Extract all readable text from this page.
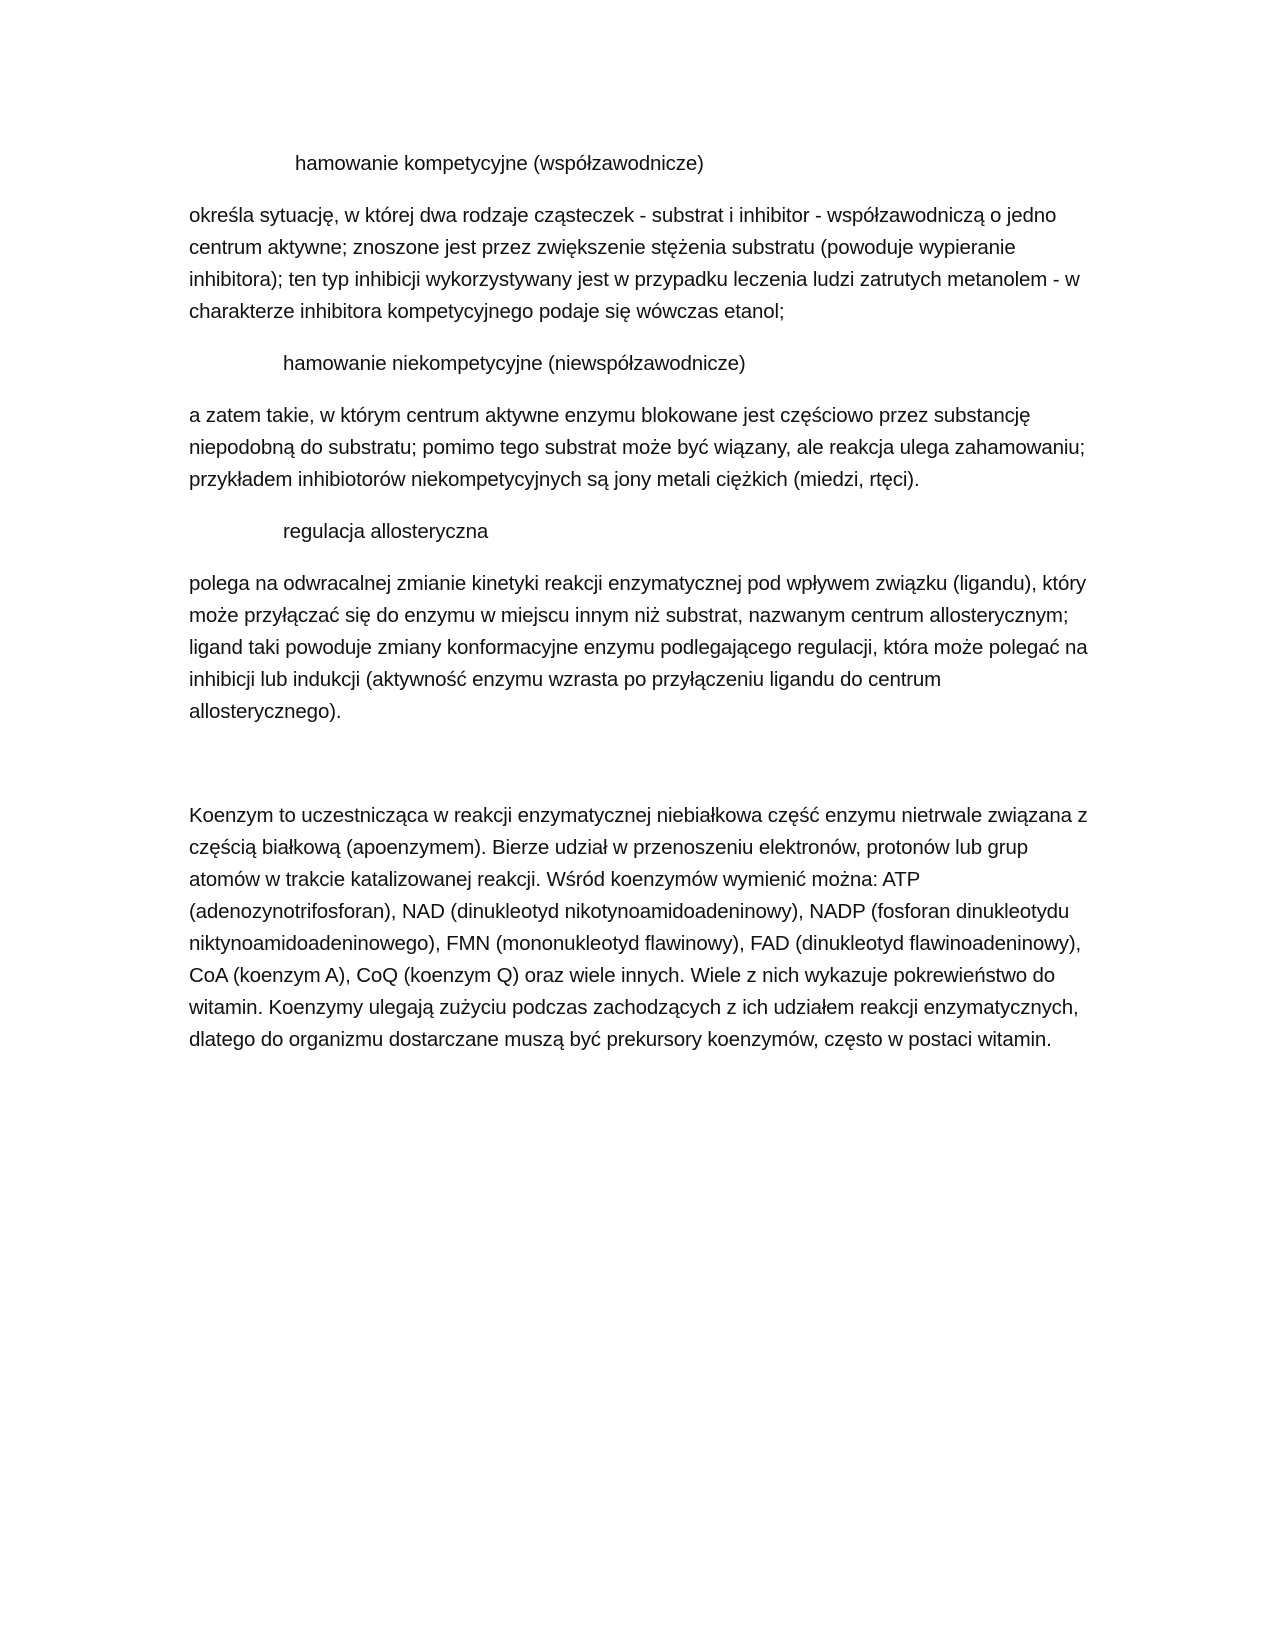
hamowanie kompetycyjne (współzawodnicze)

określa sytuację, w której dwa rodzaje cząsteczek - substrat i inhibitor - współzawodniczą o jedno centrum aktywne; znoszone jest przez zwiększenie stężenia substratu (powoduje wypieranie inhibitora); ten typ inhibicji wykorzystywany jest w przypadku leczenia ludzi zatrutych metanolem - w charakterze inhibitora kompetycyjnego podaje się wówczas etanol;

hamowanie niekompetycyjne (niewspółzawodnicze)

a zatem takie, w którym centrum aktywne enzymu blokowane jest częściowo przez substancję niepodobną do substratu; pomimo tego substrat może być wiązany, ale reakcja ulega zahamowaniu; przykładem inhibiotorów niekompetycyjnych są jony metali ciężkich (miedzi, rtęci).

regulacja allosteryczna

polega na odwracalnej zmianie kinetyki reakcji enzymatycznej pod wpływem związku (ligandu), który może przyłączać się do enzymu w miejscu innym niż substrat, nazwanym centrum allosterycznym; ligand taki powoduje zmiany konformacyjne enzymu podlegającego regulacji, która może polegać na inhibicji lub indukcji (aktywność enzymu wzrasta po przyłączeniu ligandu do centrum allosterycznego).

Koenzym to uczestnicząca w reakcji enzymatycznej niebiałkowa część enzymu nietrwale związana z częścią białkową (apoenzymem). Bierze udział w przenoszeniu elektronów, protonów lub grup atomów w trakcie katalizowanej reakcji. Wśród koenzymów wymienić można: ATP (adenozynotrifosforan), NAD (dinukleotyd nikotynoamidoadeninowy), NADP (fosforan dinukleotydu niktynoamidoadeninowego), FMN (mononukleotyd flawinowy), FAD (dinukleotyd flawinoadeninowy), CoA (koenzym A), CoQ (koenzym Q) oraz wiele innych. Wiele z nich wykazuje pokrewieństwo do witamin. Koenzymy ulegają zużyciu podczas zachodzących z ich udziałem reakcji enzymatycznych, dlatego do organizmu dostarczane muszą być prekursory koenzymów, często w postaci witamin.
